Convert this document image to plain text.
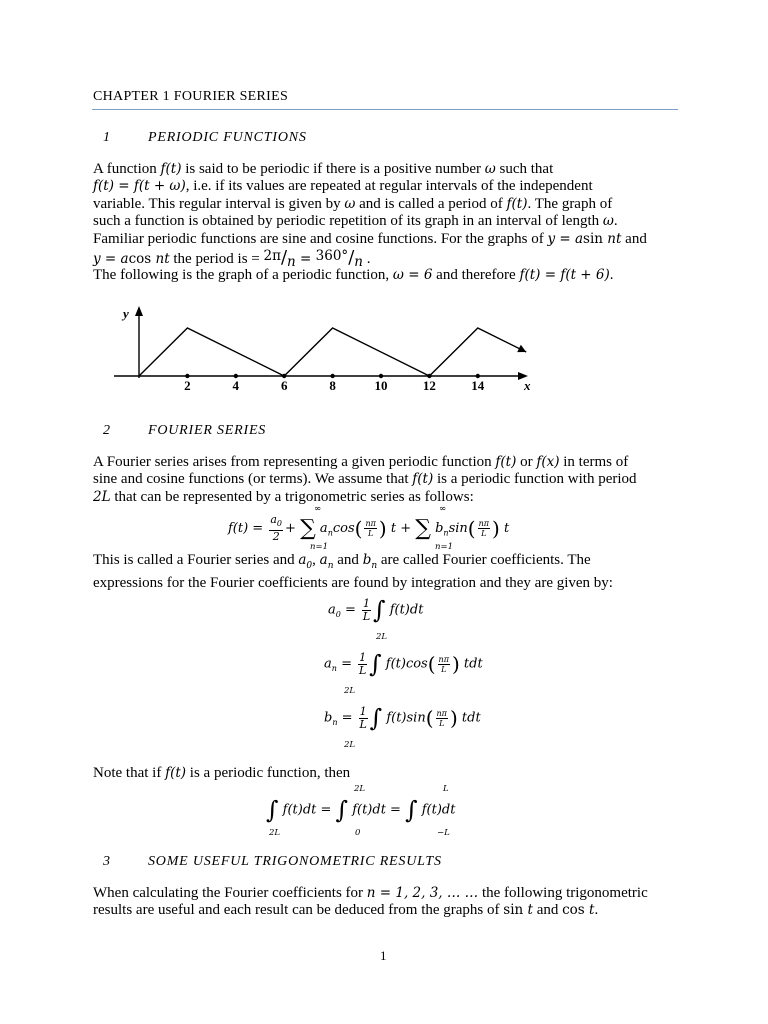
CHAPTER 1 FOURIER SERIES
1	PERIODIC FUNCTIONS
A function f(t) is said to be periodic if there is a positive number ω such that
f(t) = f(t + ω), i.e. if its values are repeated at regular intervals of the independent
variable. This regular interval is given by ω and is called a period of f(t). The graph of
such a function is obtained by periodic repetition of its graph in an interval of length ω.
Familiar periodic functions are sine and cosine functions. For the graphs of y = asin nt and
y = acos nt the period is = 2π/n = 360°/n .
The following is the graph of a periodic function, ω = 6 and therefore f(t) = f(t + 6).
x
y
2	4	6	8	10	12	14
2	FOURIER SERIES
A Fourier series arises from representing a given periodic function f(t) or f(x) in terms of
sine and cosine functions (or terms). We assume that f(t) is a periodic function with period
2L that can be represented by a trigonometric series as follows:
$f(t) = \frac{a_0}{2}$ + ∑ $a_n\cos( \frac{n\pi}{L}$ ) t + ∑ $b_n\sin( \frac{n\pi}{L}$ ) t
∞
n=1
∞
n=1
This is called a Fourier series and $a_0$, $a_n$ and $b_n$ are called Fourier coefficients. The
expressions for the Fourier coefficients are found by integration and they are given by:
$a_0 = \frac{1}{L}$ ∫ f(t)dt
2L
$a_n = \frac{1}{L}$ ∫ $f(t)\cos( \frac{n\pi}{L}$ ) tdt
2L
$b_n = \frac{1}{L}$ ∫ $f(t)\sin( \frac{n\pi}{L}$ ) tdt
2L
Note that if f(t) is a periodic function, then
∫ f(t)dt = ∫ f(t)dt = ∫ f(t)dt
2L
2L
0
L
−L
3	SOME USEFUL TRIGONOMETRIC RESULTS
When calculating the Fourier coefficients for n = 1, 2, 3, … … the following trigonometric
results are useful and each result can be deduced from the graphs of sin t and cos t.
1
